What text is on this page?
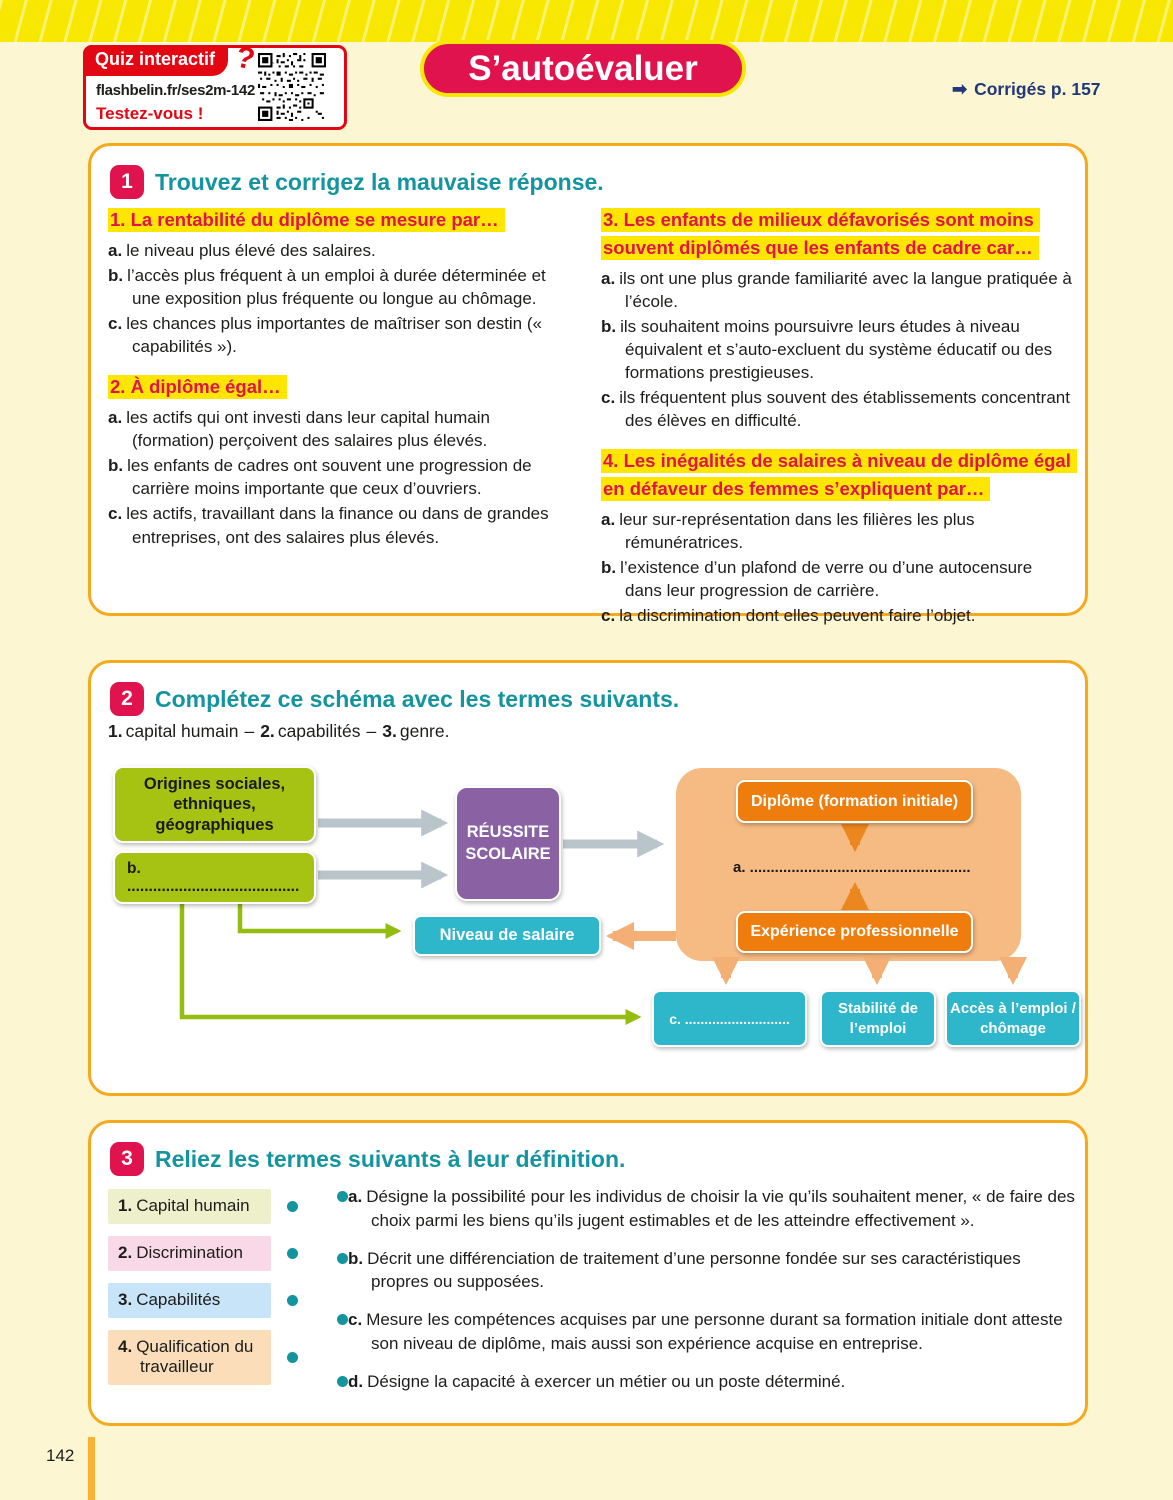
Quiz interactif ?
flashbelin.fr/ses2m-142
Testez-vous !
S’autoévaluer
➡ Corrigés p. 157
1 Trouvez et corrigez la mauvaise réponse.
1. La rentabilité du diplôme se mesure par…
a. le niveau plus élevé des salaires.
b. l’accès plus fréquent à un emploi à durée déterminée et une exposition plus fréquente ou longue au chômage.
c. les chances plus importantes de maîtriser son destin (« capabilités »).
2. À diplôme égal…
a. les actifs qui ont investi dans leur capital humain (formation) perçoivent des salaires plus élevés.
b. les enfants de cadres ont souvent une progression de carrière moins importante que ceux d’ouvriers.
c. les actifs, travaillant dans la finance ou dans de grandes entreprises, ont des salaires plus élevés.
3. Les enfants de milieux défavorisés sont moins souvent diplômés que les enfants de cadre car…
a. ils ont une plus grande familiarité avec la langue pratiquée à l’école.
b. ils souhaitent moins poursuivre leurs études à niveau équivalent et s’auto-excluent du système éducatif ou des formations prestigieuses.
c. ils fréquentent plus souvent des établissements concentrant des élèves en difficulté.
4. Les inégalités de salaires à niveau de diplôme égal en défaveur des femmes s’expliquent par…
a. leur sur-représentation dans les filières les plus rémunératrices.
b. l’existence d’un plafond de verre ou d’une autocensure dans leur progression de carrière.
c. la discrimination dont elles peuvent faire l’objet.
2 Complétez ce schéma avec les termes suivants.
1. capital humain – 2. capabilités – 3. genre.
Origines sociales, ethniques, géographiques
b. ........................................
RÉUSSITE SCOLAIRE
Niveau de salaire
Diplôme (formation initiale)
a. .....................................................
Expérience professionnelle
c. ...........................
Stabilité de l’emploi
Accès à l’emploi / chômage
3 Reliez les termes suivants à leur définition.
1. Capital humain
2. Discrimination
3. Capabilités
4. Qualification du travailleur
a. Désigne la possibilité pour les individus de choisir la vie qu’ils souhaitent mener, « de faire des choix parmi les biens qu’ils jugent estimables et de les atteindre effectivement ».
b. Décrit une différenciation de traitement d’une personne fondée sur ses caractéristiques propres ou supposées.
c. Mesure les compétences acquises par une personne durant sa formation initiale dont atteste son niveau de diplôme, mais aussi son expérience acquise en entreprise.
d. Désigne la capacité à exercer un métier ou un poste déterminé.
142
